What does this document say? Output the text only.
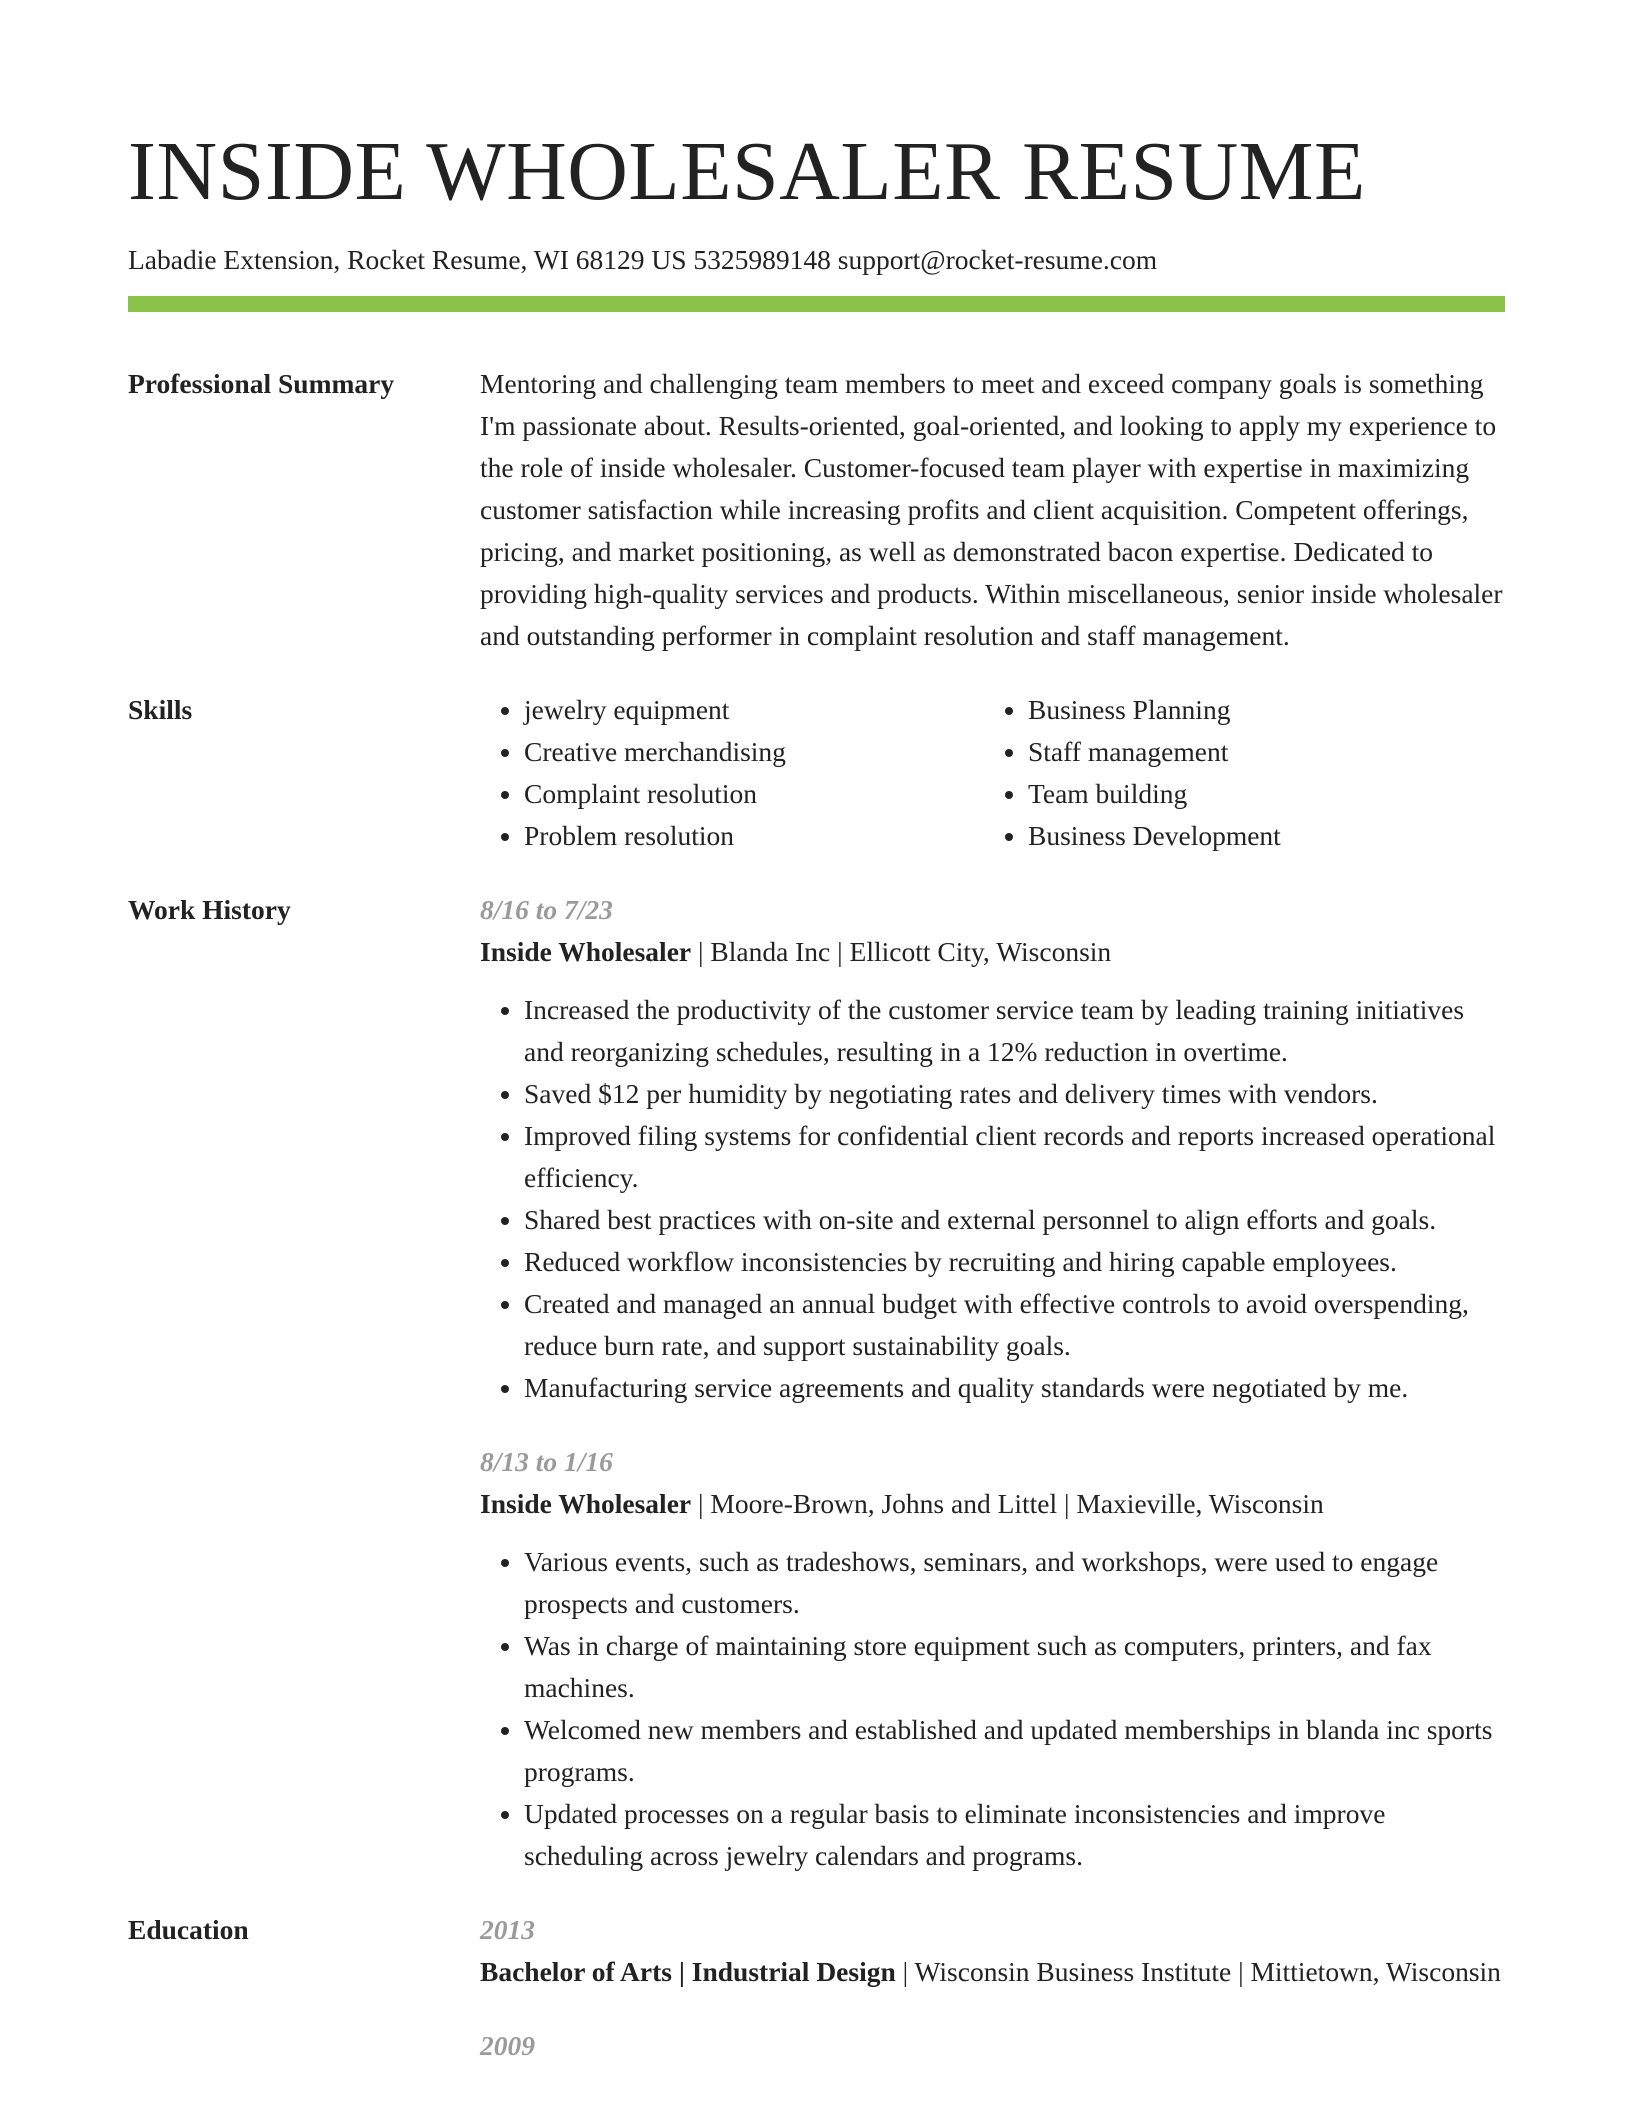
INSIDE WHOLESALER RESUME
Labadie Extension, Rocket Resume, WI 68129 US 5325989148 support@rocket-resume.com
Professional Summary	Mentoring and challenging team members to meet and exceed company goals is something I'm passionate about. Results-oriented, goal-oriented, and looking to apply my experience to the role of inside wholesaler. Customer-focused team player with expertise in maximizing customer satisfaction while increasing profits and client acquisition. Competent offerings, pricing, and market positioning, as well as demonstrated bacon expertise. Dedicated to providing high-quality services and products. Within miscellaneous, senior inside wholesaler and outstanding performer in complaint resolution and staff management.

Skills
•	jewelry equipment
• Creative merchandising
• Complaint resolution
• Problem resolution
• Business Planning
• Staff management
• Team building
• Business Development
Work History	8/16 to 7/23
Inside Wholesaler | Blanda Inc | Ellicott City, Wisconsin
• Increased the productivity of the customer service team by leading training initiatives and reorganizing schedules, resulting in a 12% reduction in overtime.
• Saved $12 per humidity by negotiating rates and delivery times with vendors.
• Improved filing systems for confidential client records and reports increased operational efficiency.
• Shared best practices with on-site and external personnel to align efforts and goals.
• Reduced workflow inconsistencies by recruiting and hiring capable employees.
• Created and managed an annual budget with effective controls to avoid overspending, reduce burn rate, and support sustainability goals.
• Manufacturing service agreements and quality standards were negotiated by me.
8/13 to 1/16
Inside Wholesaler | Moore-Brown, Johns and Littel | Maxieville, Wisconsin
• Various events, such as tradeshows, seminars, and workshops, were used to engage prospects and customers.
• Was in charge of maintaining store equipment such as computers, printers, and fax machines.
• Welcomed new members and established and updated memberships in blanda inc sports programs.
• Updated processes on a regular basis to eliminate inconsistencies and improve scheduling across jewelry calendars and programs.
Education	2013
Bachelor of Arts | Industrial Design | Wisconsin Business Institute | Mittietown, Wisconsin
2009
